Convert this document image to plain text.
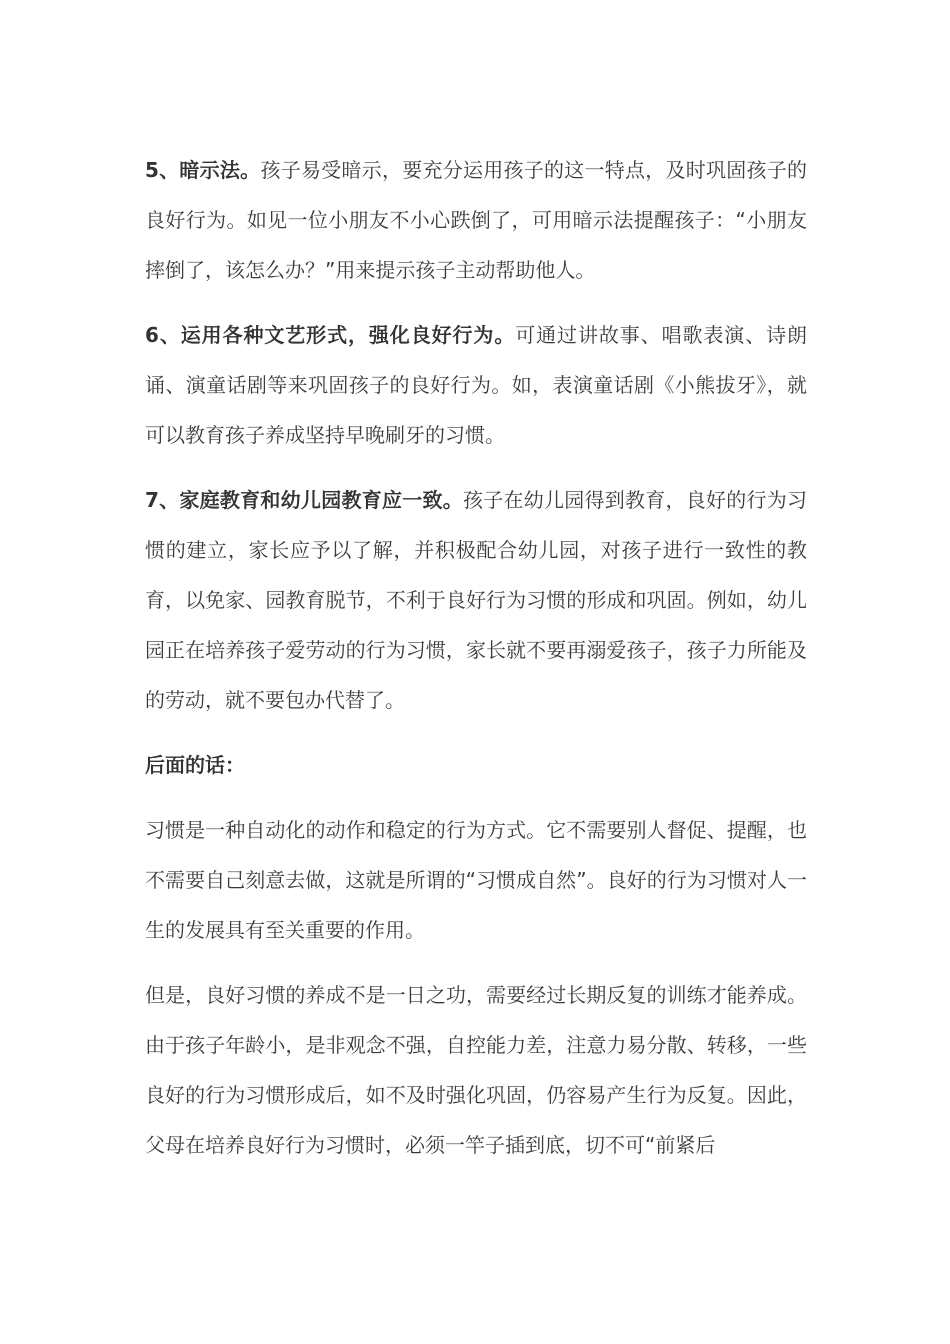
5、暗示法。孩子易受暗示，要充分运用孩子的这一特点，及时巩固孩子的良好行为。如见一位小朋友不小心跌倒了，可用暗示法提醒孩子：“小朋友摔倒了，该怎么办？”用来提示孩子主动帮助他人。

6、运用各种文艺形式，强化良好行为。可通过讲故事、唱歌表演、诗朗诵、演童话剧等来巩固孩子的良好行为。如，表演童话剧《小熊拔牙》，就可以教育孩子养成坚持早晚刷牙的习惯。

7、家庭教育和幼儿园教育应一致。孩子在幼儿园得到教育，良好的行为习惯的建立，家长应予以了解，并积极配合幼儿园，对孩子进行一致性的教育，以免家、园教育脱节，不利于良好行为习惯的形成和巩固。例如，幼儿园正在培养孩子爱劳动的行为习惯，家长就不要再溺爱孩子，孩子力所能及的劳动，就不要包办代替了。

后面的话：

习惯是一种自动化的动作和稳定的行为方式。它不需要别人督促、提醒，也不需要自己刻意去做，这就是所谓的“习惯成自然”。良好的行为习惯对人一生的发展具有至关重要的作用。

但是，良好习惯的养成不是一日之功，需要经过长期反复的训练才能养成。由于孩子年龄小，是非观念不强，自控能力差，注意力易分散、转移，一些良好的行为习惯形成后，如不及时强化巩固，仍容易产生行为反复。因此，父母在培养良好行为习惯时，必须一竿子插到底，切不可“前紧后
